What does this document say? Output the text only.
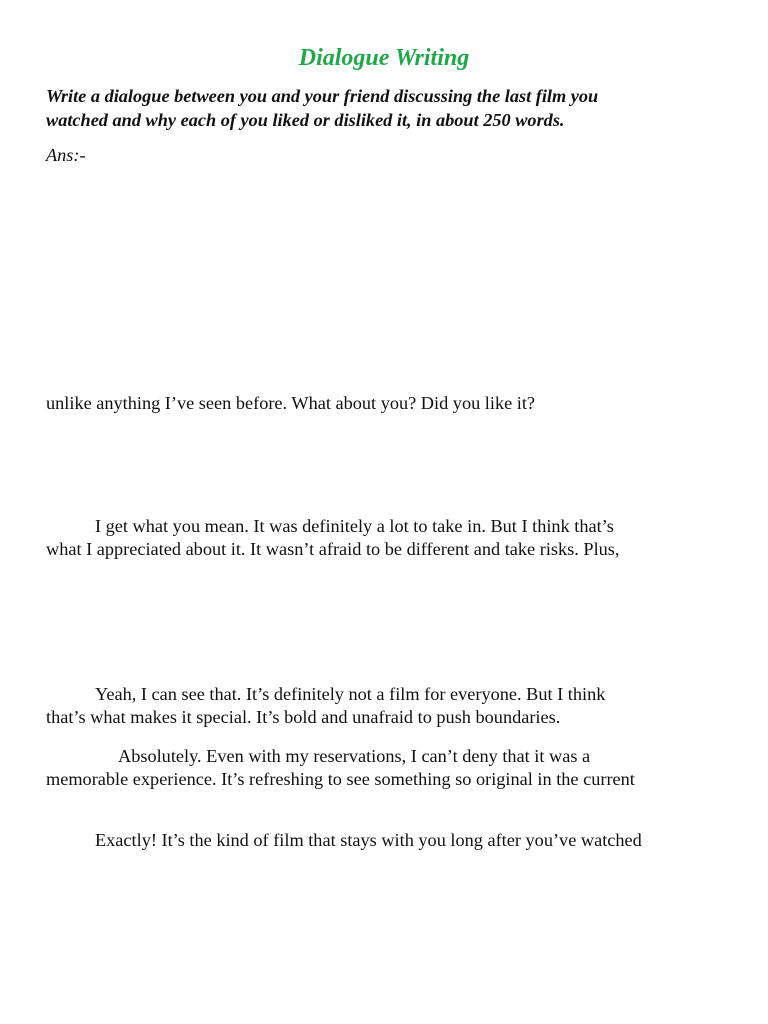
Dialogue Writing
Write a dialogue between you and your friend discussing the last film you
watched and why each of you liked or disliked it, in about 250 words.
Ans:-
unlike anything I’ve seen before. What about you? Did you like it?
I get what you mean. It was definitely a lot to take in. But I think that’s
what I appreciated about it. It wasn’t afraid to be different and take risks. Plus,
Yeah, I can see that. It’s definitely not a film for everyone. But I think
that’s what makes it special. It’s bold and unafraid to push boundaries.
Absolutely. Even with my reservations, I can’t deny that it was a
memorable experience. It’s refreshing to see something so original in the current
Exactly! It’s the kind of film that stays with you long after you’ve watched
